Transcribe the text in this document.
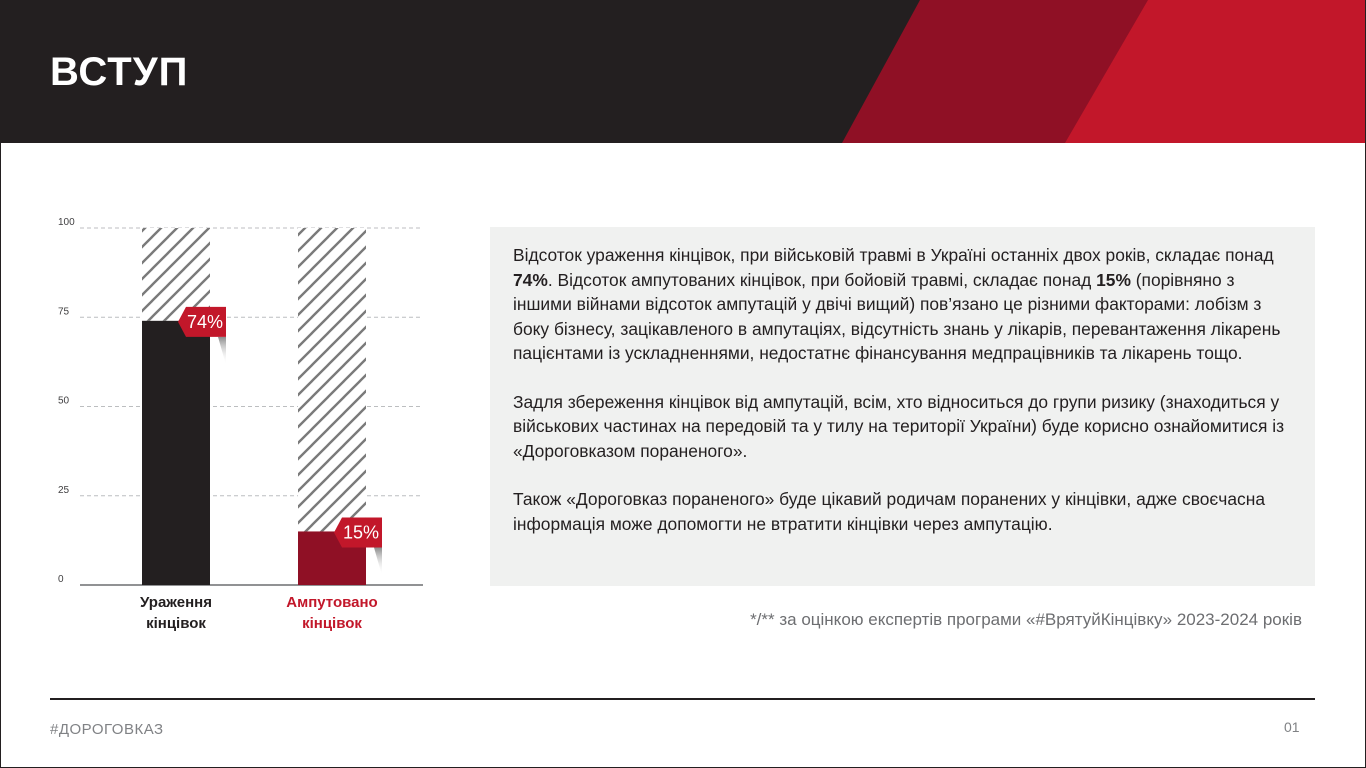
ВСТУП
0
25
50
75
100
74%
15%
Ураження
кінцівок
Ампутовано
кінцівок

Відсоток ураження кінцівок, при військовій травмі в Україні останніх двох років, складає понад 74%. Відсоток ампутованих кінцівок, при бойовій травмі, складає понад 15% (порівняно з іншими війнами відсоток ампутацій у двічі вищий) пов’язано це різними факторами: лобізм з боку бізнесу, зацікавленого в ампутаціях, відсутність знань у лікарів, перевантаження лікарень пацієнтами із ускладненнями, недостатнє фінансування медпрацівників та лікарень тощо.

Задля збереження кінцівок від ампутацій, всім, хто відноситься до групи ризику (знаходиться у військових частинах на передовій та у тилу на території України) буде корисно ознайомитися із «Дороговказом пораненого».

Також «Дороговказ пораненого» буде цікавий родичам поранених у кінцівки, адже своєчасна інформація може допомогти не втратити кінцівки через ампутацію.

*/** за оцінкою експертів програми «#ВрятуйКінцівку» 2023-2024 років
#ДОРОГОВКАЗ	01
